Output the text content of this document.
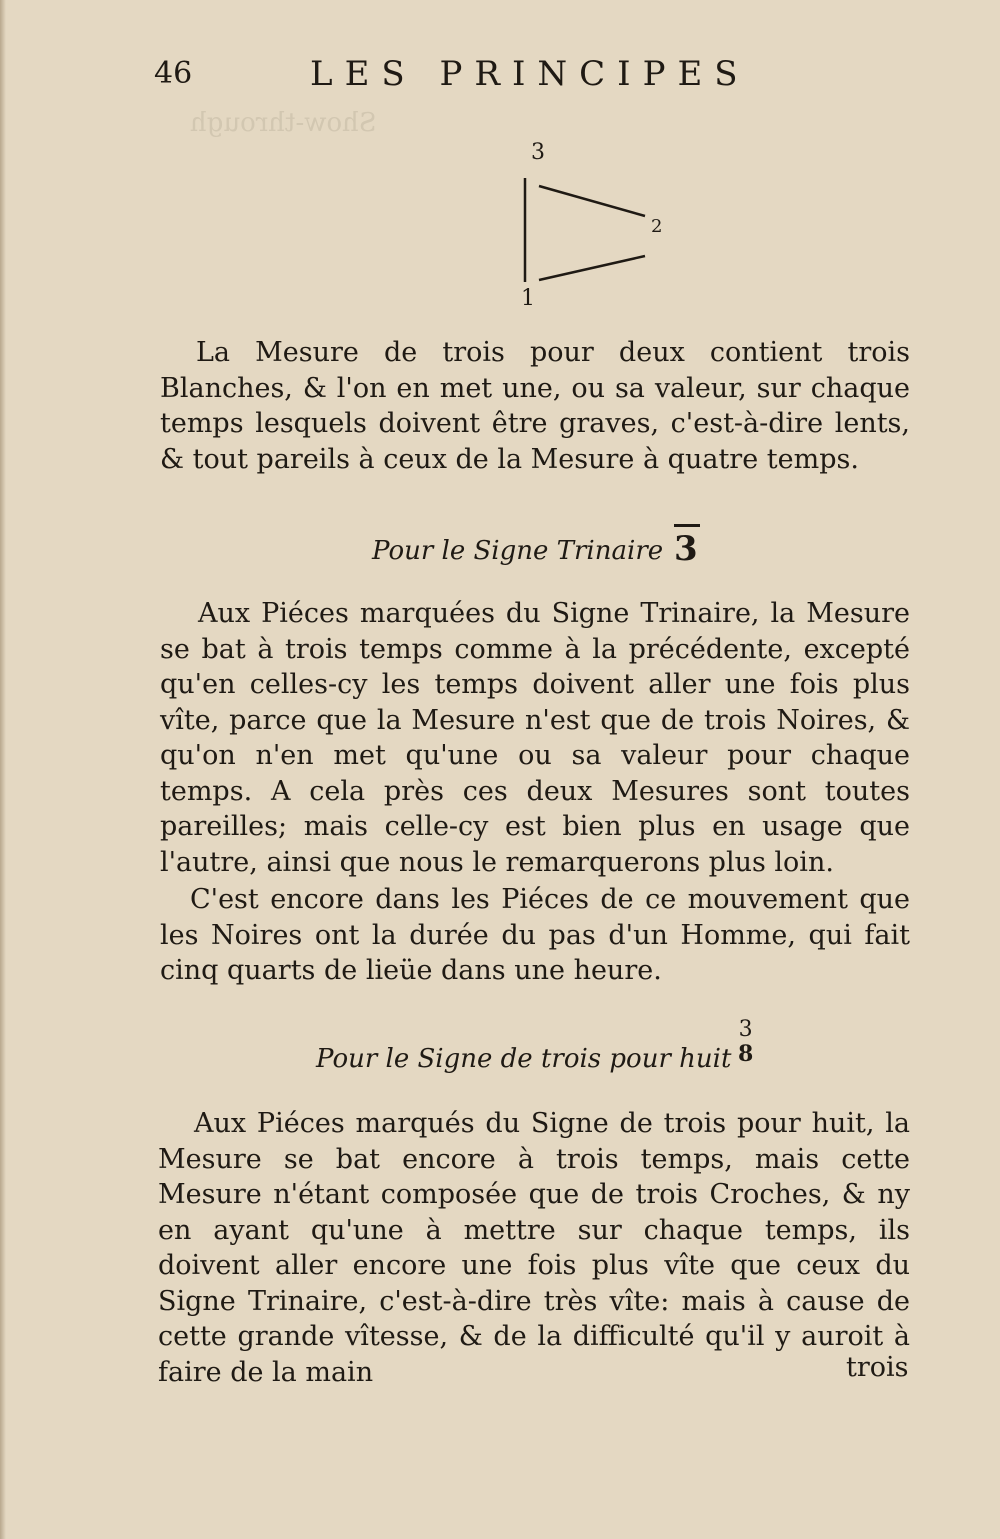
Show-through
46	LES PRINCIPES
3
2
1

La Mesure de trois pour deux contient trois Blanches, & l'on en met une, ou sa valeur, sur chaque temps lesquels doivent être graves, c'est-à-dire lents, & tout pareils à ceux de la Mesure à quatre temps.

Pour le Signe Trinaire 3

Aux Piéces marquées du Signe Trinaire, la Mesure se bat à trois temps comme à la précédente, excepté qu'en celles-cy les temps doivent aller une fois plus vîte, parce que la Mesure n'est que de trois Noires, & qu'on n'en met qu'une ou sa valeur pour chaque temps. A cela près ces deux Mesures sont toutes pareilles; mais celle-cy est bien plus en usage que l'autre, ainsi que nous le remarquerons plus loin.

C'est encore dans les Piéces de ce mouvement que les Noires ont la durée du pas d'un Homme, qui fait cinq quarts de lieüe dans une heure.

Pour le Signe de trois pour huit
3
8

Aux Piéces marqués du Signe de trois pour huit, la Mesure se bat encore à trois temps, mais cette Mesure n'étant composée que de trois Croches, & ny en ayant qu'une à mettre sur chaque temps, ils doivent aller encore une fois plus vîte que ceux du Signe Trinaire, c'est-à-dire très vîte: mais à cause de cette grande vîtesse, & de la difficulté qu'il y auroit à faire de la main	trois
